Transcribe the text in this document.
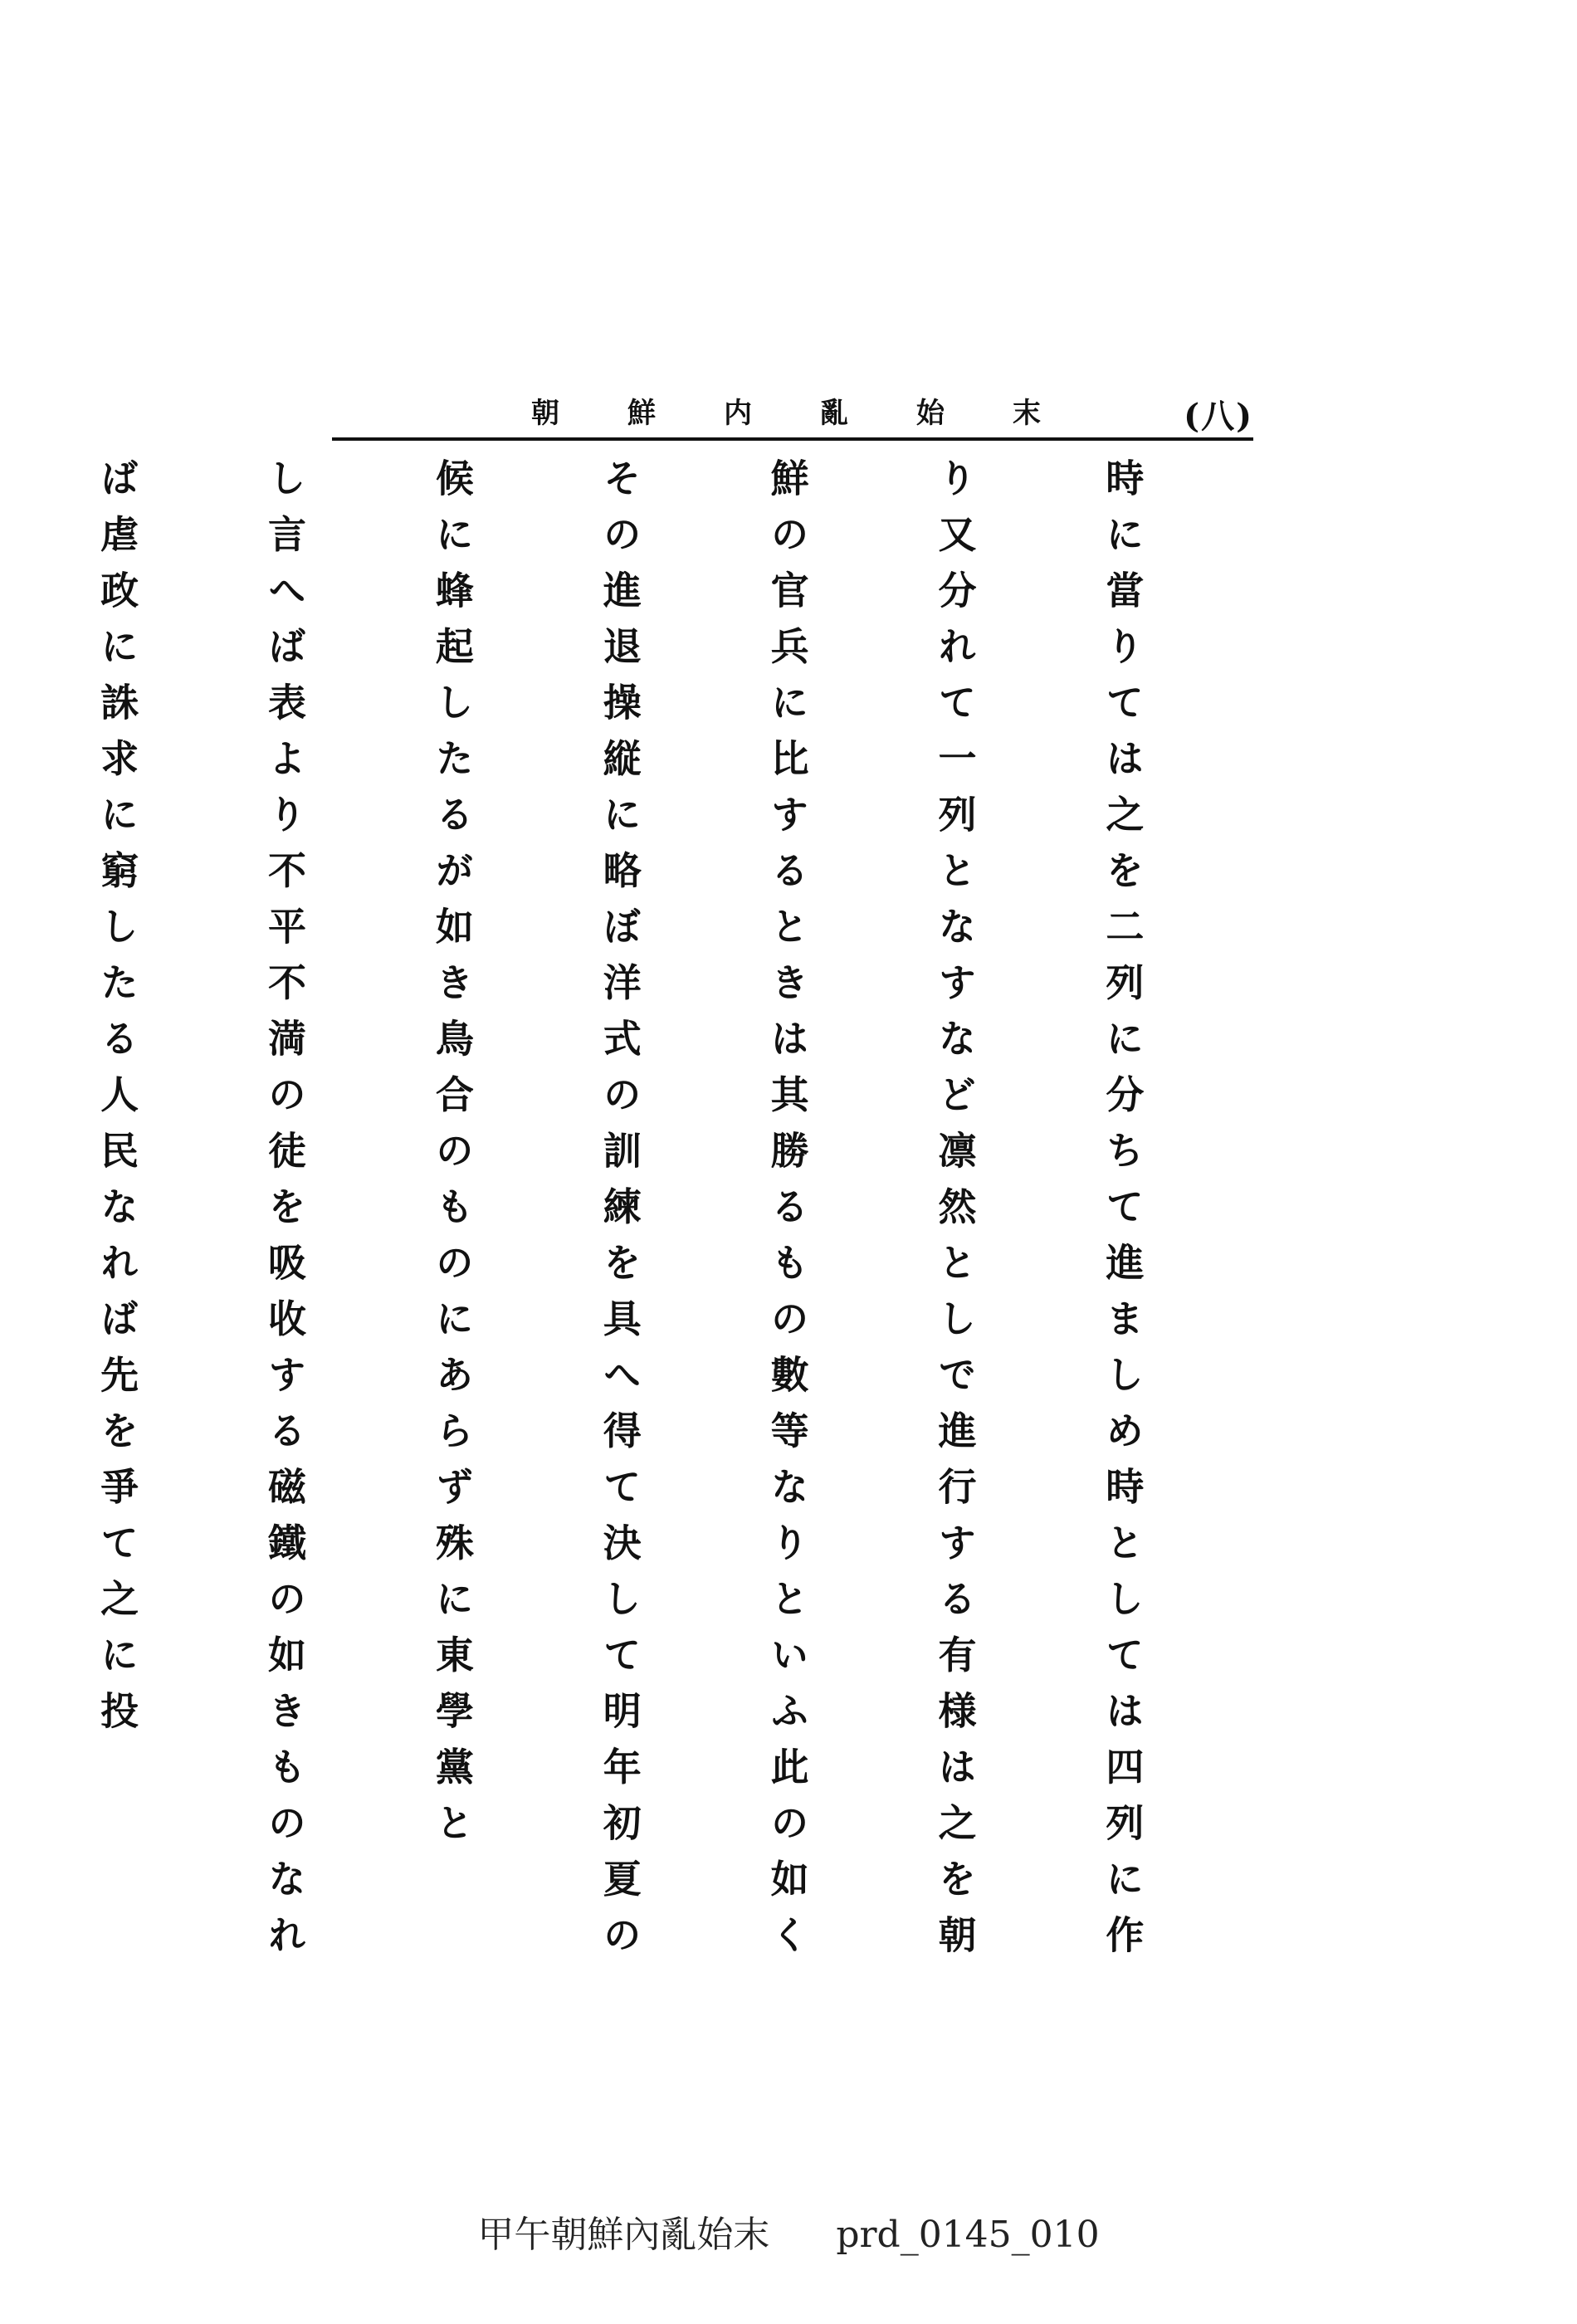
朝鮮内亂始末 (八)

時に當りては之を二列に分ちて進ましめ時としては四列に作

り又分れて一列となすなど凛然としで進行する有様は之を朝

鮮の官兵に比するときは其勝るもの數等なりといふ此の如く

その進退操縦に略ぼ洋式の訓練を具へ得て決して明年初夏の

候に蜂起したるが如き鳥合のものにあらず殊に東學黨と

し言へば表より不平不満の徒を吸收する磁鐵の如きものなれ

ば虐政に誅求に窮したる人民なれば先を爭て之に投

甲午朝鮮內亂始末 prd_0145_010
